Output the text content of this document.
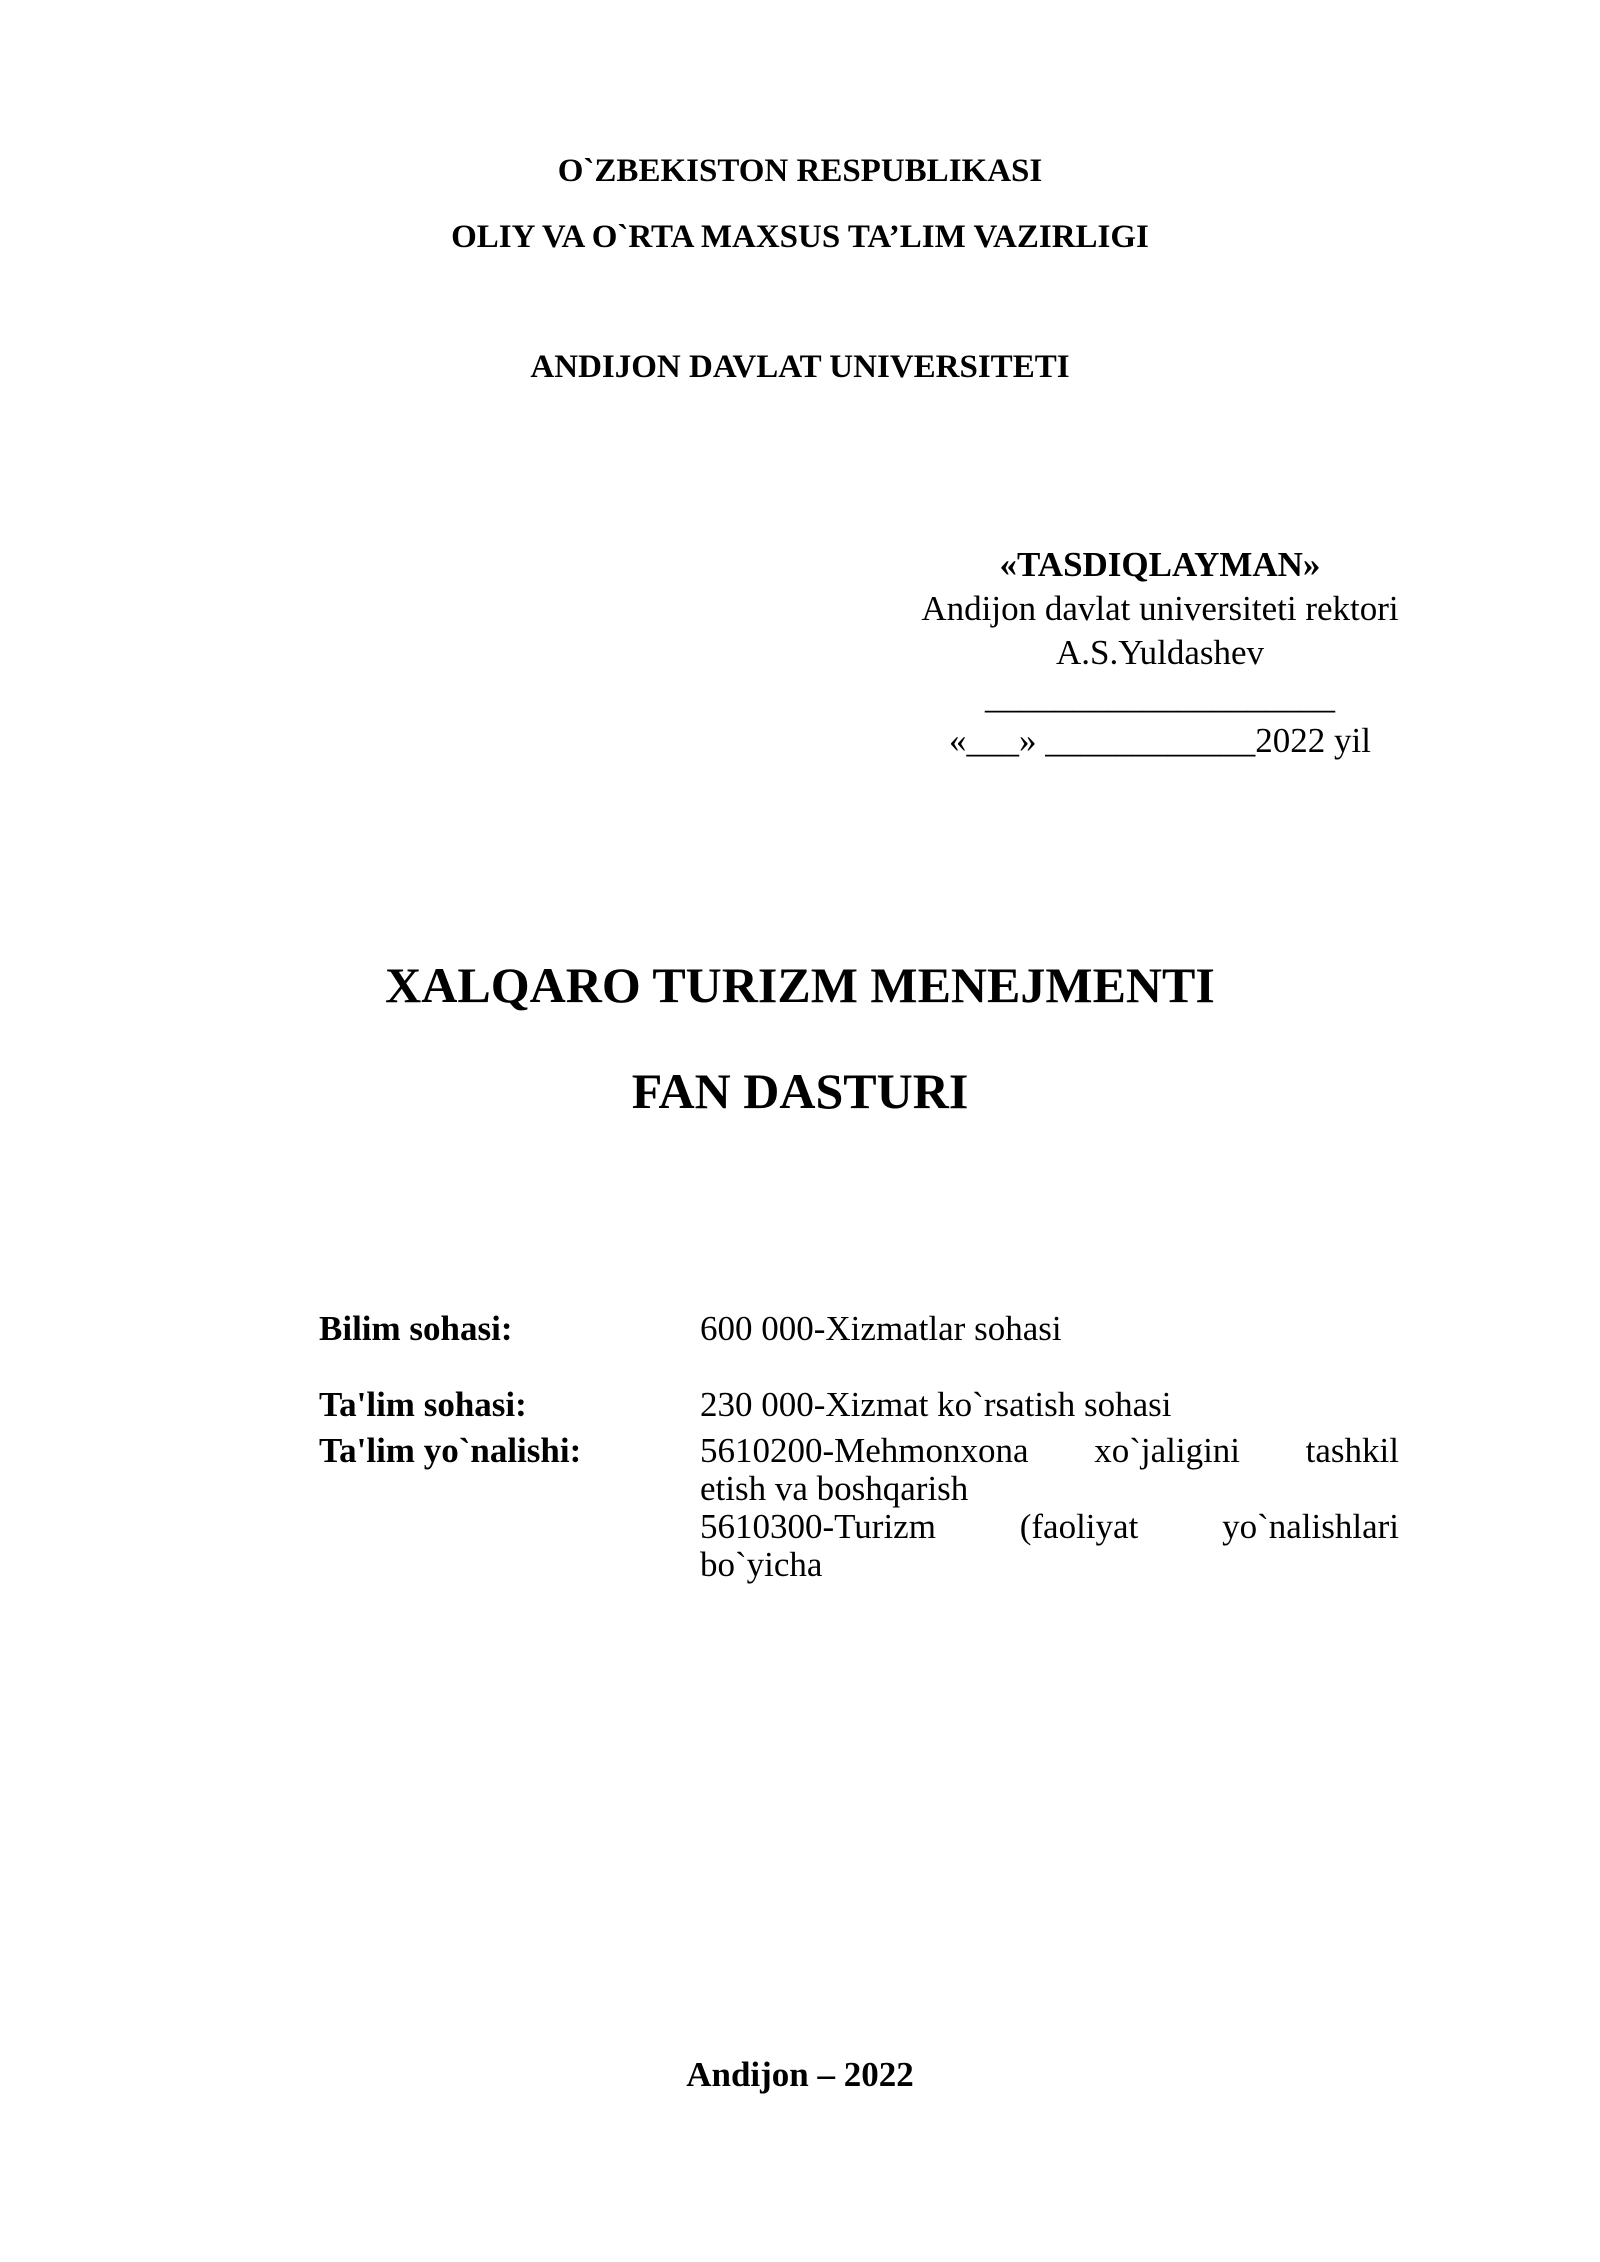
O`ZBEKISTON RESPUBLIKASI
OLIY VA O`RTA MAXSUS TA’LIM VAZIRLIGI
ANDIJON DAVLAT UNIVERSITETI
«TASDIQLAYMAN»
Andijon davlat universiteti rektori
A.S.Yuldashev
____________________
«___» ____________2022 yil
XALQARO TURIZM MENEJMENTI
FAN DASTURI
Bilim sohasi:	600 000-Xizmatlar sohasi
Ta'lim sohasi:	230 000-Xizmat ko`rsatish sohasi
Ta'lim yo`nalishi:	5610200-Mehmonxona xo`jaligini tashkil
etish va boshqarish
5610300-Turizm (faoliyat yo`nalishlari
bo`yicha
Andijon – 2022
